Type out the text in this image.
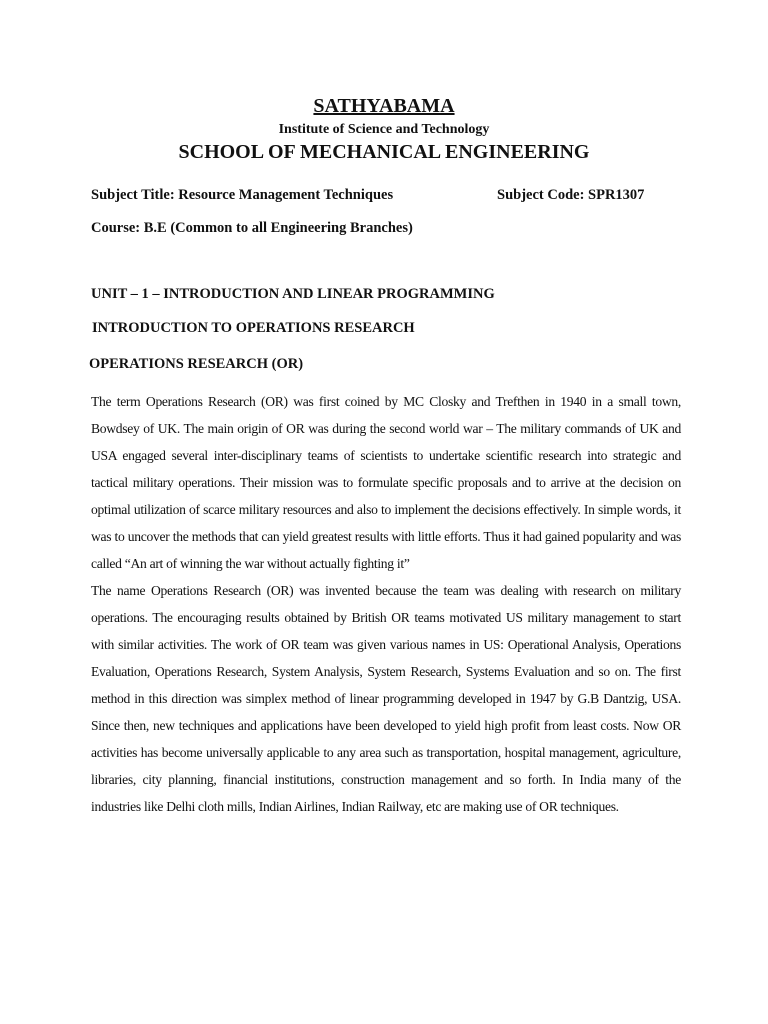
SATHYABAMA
Institute of Science and Technology
SCHOOL OF MECHANICAL ENGINEERING
Subject Title: Resource Management Techniques	Subject Code: SPR1307
Course: B.E (Common to all Engineering Branches)
UNIT – 1 – INTRODUCTION AND LINEAR PROGRAMMING
INTRODUCTION TO OPERATIONS RESEARCH
OPERATIONS RESEARCH (OR)

The term Operations Research (OR) was first coined by MC Closky and Trefthen in 1940 in a small town, Bowdsey of UK. The main origin of OR was during the second world war – The military commands of UK and USA engaged several inter-disciplinary teams of scientists to undertake scientific research into strategic and tactical military operations. Their mission was to formulate specific proposals and to arrive at the decision on optimal utilization of scarce military resources and also to implement the decisions effectively. In simple words, it was to uncover the methods that can yield greatest results with little efforts. Thus it had gained popularity and was called “An art of winning the war without actually fighting it”

The name Operations Research (OR) was invented because the team was dealing with research on military operations. The encouraging results obtained by British OR teams motivated US military management to start with similar activities. The work of OR team was given various names in US: Operational Analysis, Operations Evaluation, Operations Research, System Analysis, System Research, Systems Evaluation and so on. The first method in this direction was simplex method of linear programming developed in 1947 by G.B Dantzig, USA. Since then, new techniques and applications have been developed to yield high profit from least costs. Now OR activities has become universally applicable to any area such as transportation, hospital management, agriculture, libraries, city planning, financial institutions, construction management and so forth. In India many of the industries like Delhi cloth mills, Indian Airlines, Indian Railway, etc are making use of OR techniques.
